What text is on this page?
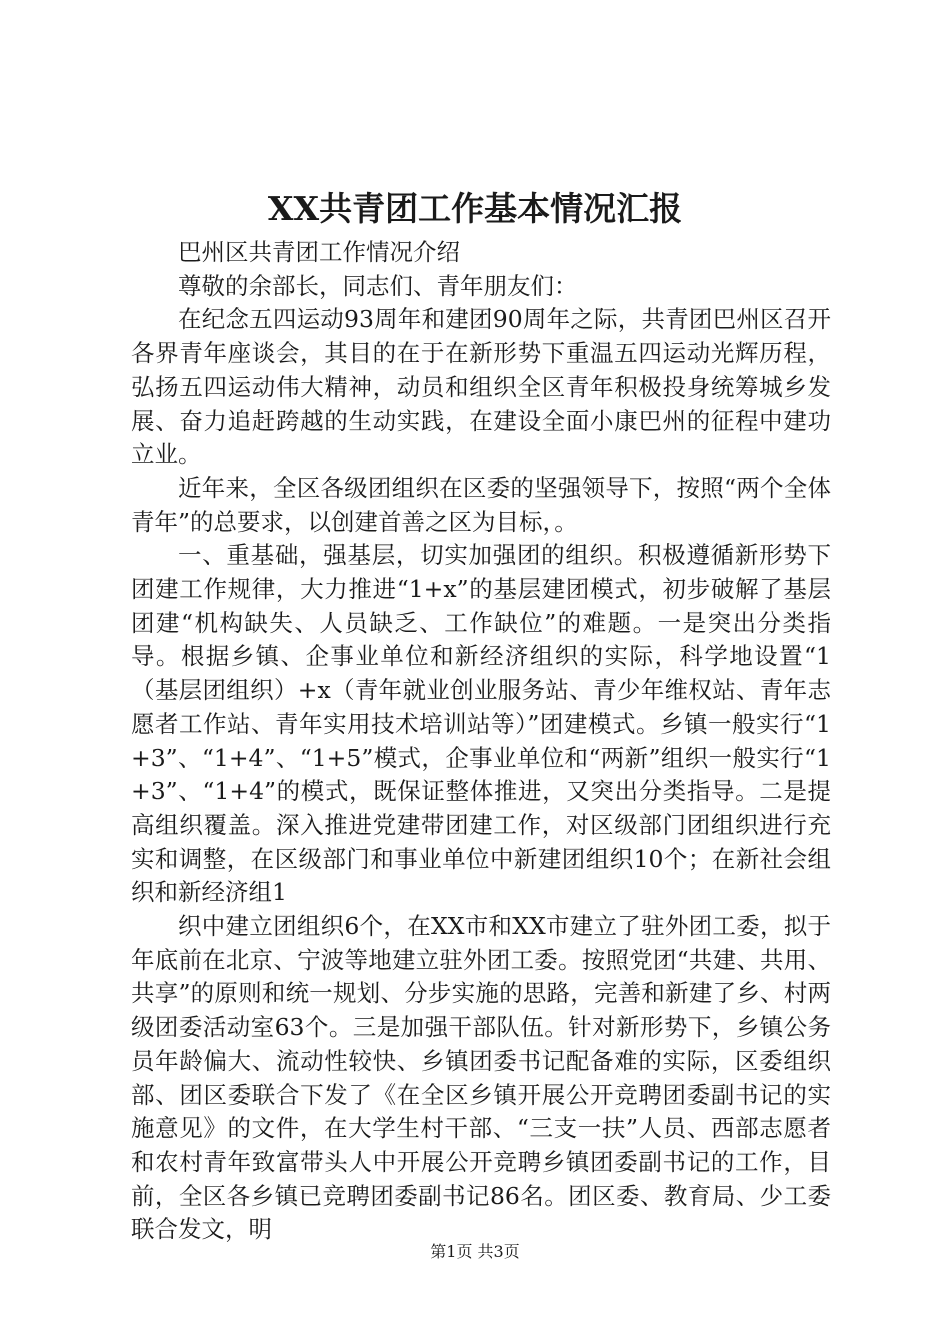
XX共青团工作基本情况汇报

巴州区共青团工作情况介绍

尊敬的余部长，同志们、青年朋友们：

在纪念五四运动93周年和建团90周年之际，共青团巴州区召开各界青年座谈会，其目的在于在新形势下重温五四运动光辉历程，弘扬五四运动伟大精神，动员和组织全区青年积极投身统筹城乡发展、奋力追赶跨越的生动实践，在建设全面小康巴州的征程中建功立业。

近年来，全区各级团组织在区委的坚强领导下，按照“两个全体青年”的总要求，以创建首善之区为目标，。

一、重基础，强基层，切实加强团的组织。积极遵循新形势下团建工作规律，大力推进“1+x”的基层建团模式，初步破解了基层团建“机构缺失、人员缺乏、工作缺位”的难题。一是突出分类指导。根据乡镇、企事业单位和新经济组织的实际，科学地设置“1（基层团组织）+x（青年就业创业服务站、青少年维权站、青年志愿者工作站、青年实用技术培训站等）”团建模式。乡镇一般实行“1+3”、“1+4”、“1+5”模式，企事业单位和“两新”组织一般实行“1+3”、“1+4”的模式，既保证整体推进，又突出分类指导。二是提高组织覆盖。深入推进党建带团建工作，对区级部门团组织进行充实和调整，在区级部门和事业单位中新建团组织10个；在新社会组织和新经济组1

织中建立团组织6个，在XX市和XX市建立了驻外团工委，拟于年底前在北京、宁波等地建立驻外团工委。按照党团“共建、共用、共享”的原则和统一规划、分步实施的思路，完善和新建了乡、村两级团委活动室63个。三是加强干部队伍。针对新形势下，乡镇公务员年龄偏大、流动性较快、乡镇团委书记配备难的实际，区委组织部、团区委联合下发了《在全区乡镇开展公开竞聘团委副书记的实施意见》的文件，在大学生村干部、“三支一扶”人员、西部志愿者和农村青年致富带头人中开展公开竞聘乡镇团委副书记的工作，目前，全区各乡镇已竞聘团委副书记86名。团区委、教育局、少工委联合发文，明

第1页 共3页
